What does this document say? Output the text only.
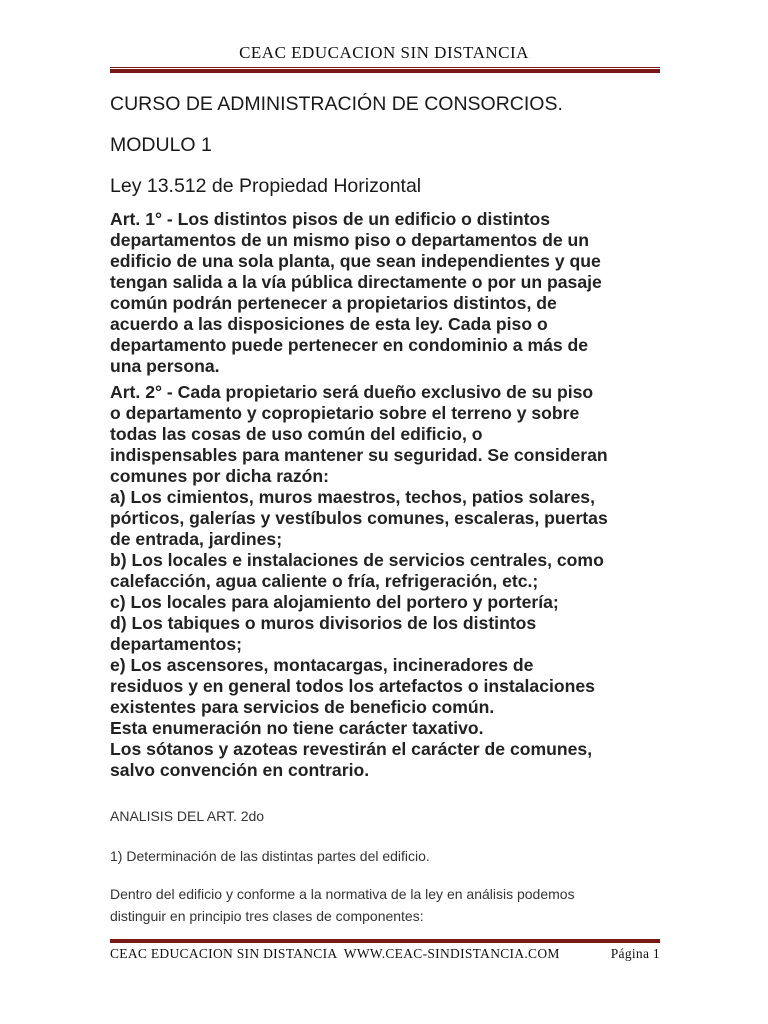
CEAC EDUCACION SIN DISTANCIA

CURSO DE ADMINISTRACIÓN DE CONSORCIOS.

MODULO 1

Ley 13.512 de Propiedad Horizontal

Art. 1° - Los distintos pisos de un edificio o distintos
departamentos de un mismo piso o departamentos de un
edificio de una sola planta, que sean independientes y que
tengan salida a la vía pública directamente o por un pasaje
común podrán pertenecer a propietarios distintos, de
acuerdo a las disposiciones de esta ley. Cada piso o
departamento puede pertenecer en condominio a más de
una persona.

Art. 2° - Cada propietario será dueño exclusivo de su piso
o departamento y copropietario sobre el terreno y sobre
todas las cosas de uso común del edificio, o
indispensables para mantener su seguridad. Se consideran
comunes por dicha razón:
a) Los cimientos, muros maestros, techos, patios solares,
pórticos, galerías y vestíbulos comunes, escaleras, puertas
de entrada, jardines;
b) Los locales e instalaciones de servicios centrales, como
calefacción, agua caliente o fría, refrigeración, etc.;
c) Los locales para alojamiento del portero y portería;
d) Los tabiques o muros divisorios de los distintos
departamentos;
e) Los ascensores, montacargas, incineradores de
residuos y en general todos los artefactos o instalaciones
existentes para servicios de beneficio común.
Esta enumeración no tiene carácter taxativo.
Los sótanos y azoteas revestirán el carácter de comunes,
salvo convención en contrario.

ANALISIS DEL ART. 2do

1) Determinación de las distintas partes del edificio.

Dentro del edificio y conforme a la normativa de la ley en análisis podemos
distinguir en principio tres clases de componentes:

CEAC EDUCACION SIN DISTANCIA  WWW.CEAC-SINDISTANCIA.COM	Página 1
